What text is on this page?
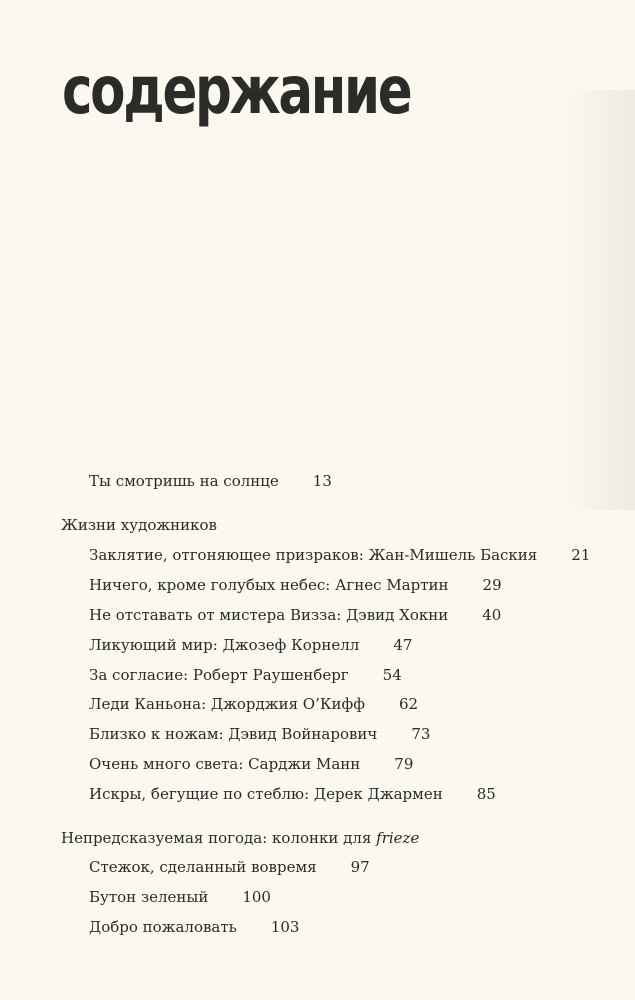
содержание
Ты смотришь на солнце 13
Жизни художников
Заклятие, отгоняющее призраков: Жан-Мишель Баския 21
Ничего, кроме голубых небес: Агнес Мартин 29
Не отставать от мистера Визза: Дэвид Хокни 40
Ликующий мир: Джозеф Корнелл 47
За согласие: Роберт Раушенберг 54
Леди Каньона: Джорджия О’Кифф 62
Близко к ножам: Дэвид Войнарович 73
Очень много света: Сарджи Манн 79
Искры, бегущие по стеблю: Дерек Джармен 85
Непредсказуемая погода: колонки для frieze
Стежок, сделанный вовремя 97
Бутон зеленый 100
Добро пожаловать 103
